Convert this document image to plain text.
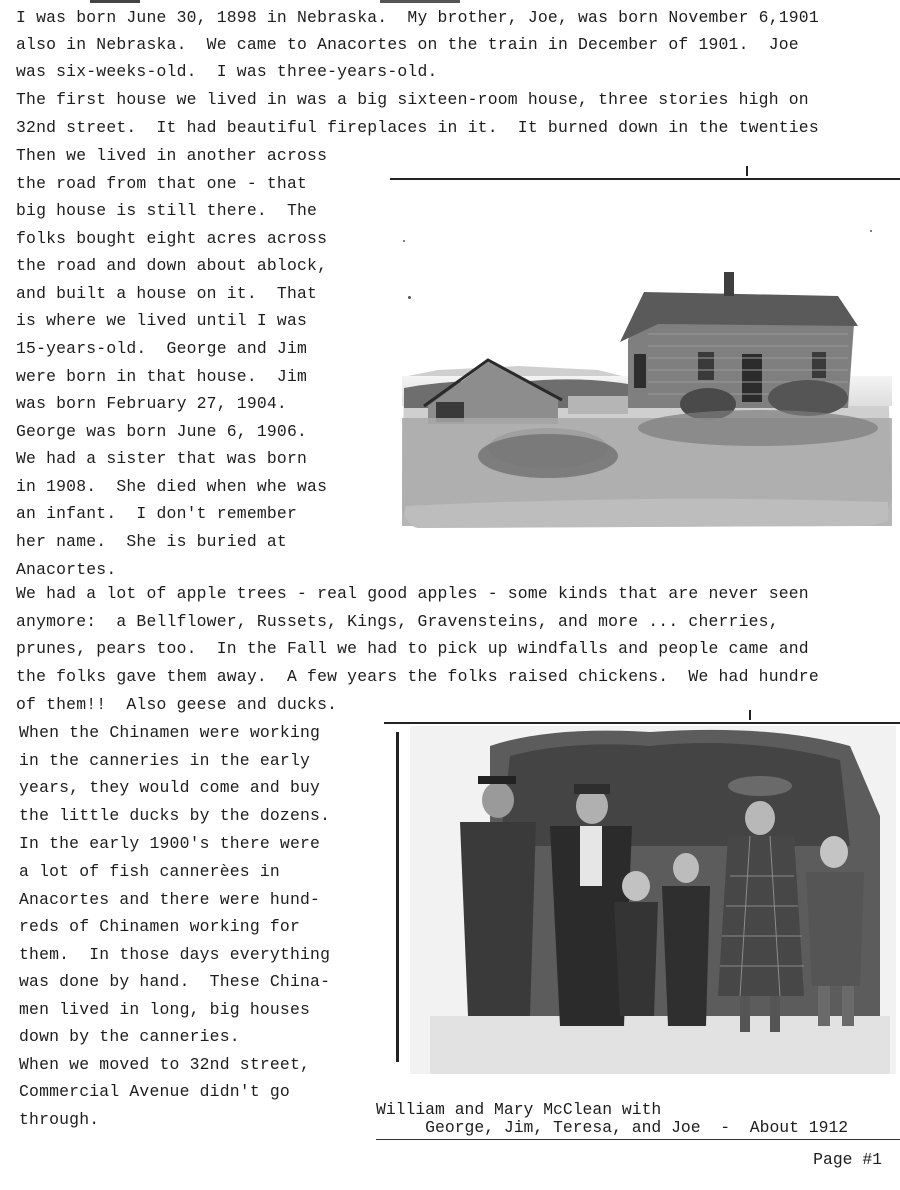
I was born June 30, 1898 in Nebraska.  My brother, Joe, was born November 6,1901
also in Nebraska.  We came to Anacortes on the train in December of 1901.  Joe
was six-weeks-old.  I was three-years-old.
The first house we lived in was a big sixteen-room house, three stories high on
32nd street.  It had beautiful fireplaces in it.  It burned down in the twenties
Then we lived in another across
the road from that one - that
big house is still there.  The
folks bought eight acres across
the road and down about ablock,
and built a house on it.  That
is where we lived until I was
15-years-old.  George and Jim
were born in that house.  Jim
was born February 27, 1904.
George was born June 6, 1906.
We had a sister that was born
in 1908.  She died when whe was
an infant.  I don't remember
her name.  She is buried at
Anacortes.
We had a lot of apple trees - real good apples - some kinds that are never seen
anymore:  a Bellflower, Russets, Kings, Gravensteins, and more ... cherries,
prunes, pears too.  In the Fall we had to pick up windfalls and people came and
the folks gave them away.  A few years the folks raised chickens.  We had hundre
of them!!  Also geese and ducks.
When the Chinamen were working
in the canneries in the early
years, they would come and buy
the little ducks by the dozens.
In the early 1900's there were
a lot of fish cannerèes in
Anacortes and there were hund-
reds of Chinamen working for
them.  In those days everything
was done by hand.  These China-
men lived in long, big houses
down by the canneries.
When we moved to 32nd street,
Commercial Avenue didn't go
through.
William and Mary McClean with
George, Jim, Teresa, and Joe  -  About 1912
Page #1
